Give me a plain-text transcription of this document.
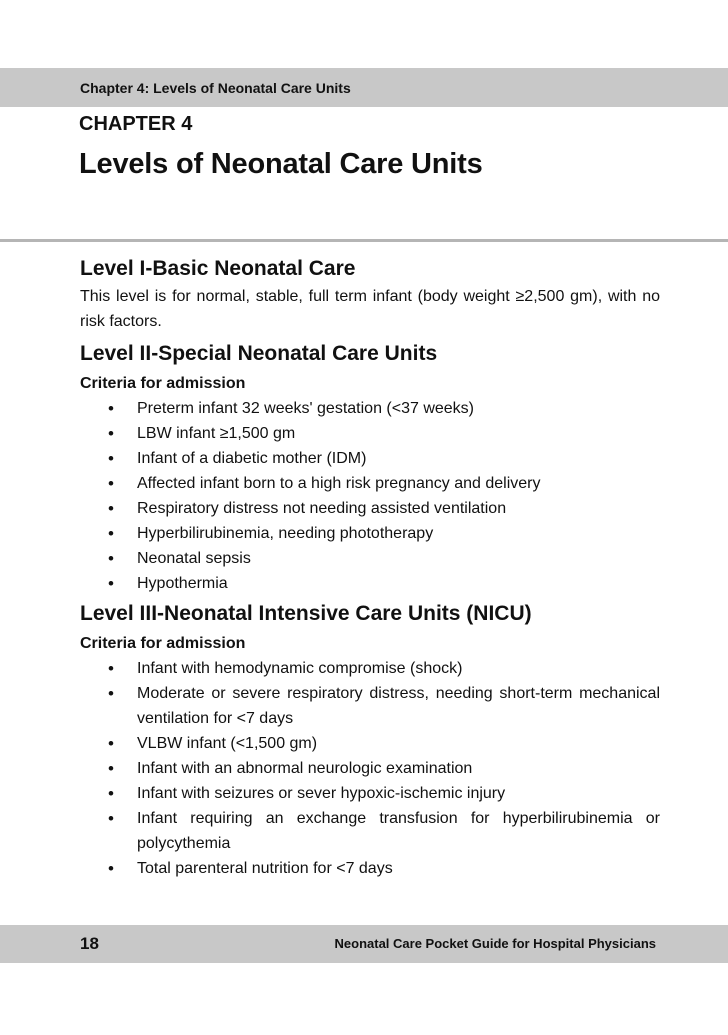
Chapter 4: Levels of Neonatal Care Units
CHAPTER 4
Levels of Neonatal Care Units
Level I-Basic Neonatal Care

This level is for normal, stable, full term infant (body weight ≥2,500 gm), with no risk factors.

Level II-Special Neonatal Care Units
Criteria for admission
• Preterm infant 32 weeks' gestation (<37 weeks)
• LBW infant ≥1,500 gm
• Infant of a diabetic mother (IDM)
• Affected infant born to a high risk pregnancy and delivery
• Respiratory distress not needing assisted ventilation
• Hyperbilirubinemia, needing phototherapy
• Neonatal sepsis
• Hypothermia
Level III-Neonatal Intensive Care Units (NICU)
Criteria for admission
• Infant with hemodynamic compromise (shock)
• Moderate or severe respiratory distress, needing short-term mechanical ventilation for <7 days
• VLBW infant (<1,500 gm)
• Infant with an abnormal neurologic examination
• Infant with seizures or sever hypoxic-ischemic injury
• Infant requiring an exchange transfusion for hyperbilirubinemia or polycythemia
• Total parenteral nutrition for <7 days
18	Neonatal Care Pocket Guide for Hospital Physicians
